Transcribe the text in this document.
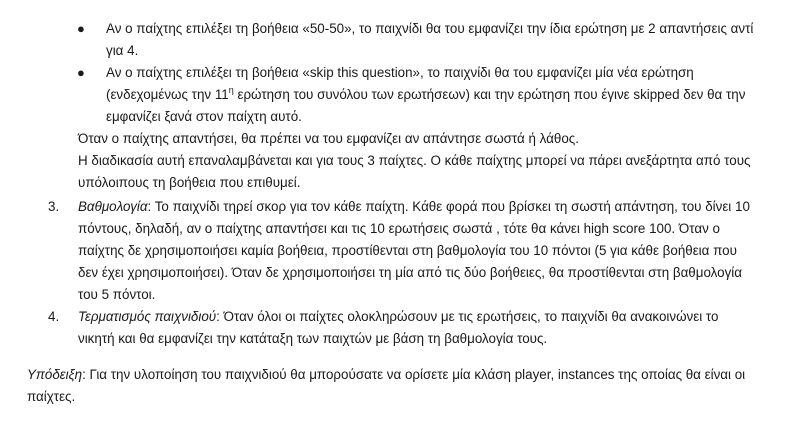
● Αν ο παίχτης επιλέξει τη βοήθεια «50-50», το παιχνίδι θα του εμφανίζει την ίδια ερώτηση με 2 απαντήσεις αντί για 4.
● Αν ο παίχτης επιλέξει τη βοήθεια «skip this question», το παιχνίδι θα του εμφανίζει μία νέα ερώτηση (ενδεχομένως την $11^\eta$ ερώτηση του συνόλου των ερωτήσεων) και την ερώτηση που έγινε skipped δεν θα την εμφανίζει ξανά στον παίχτη αυτό.
Όταν ο παίχτης απαντήσει, θα πρέπει να του εμφανίζει αν απάντησε σωστά ή λάθος.
Η διαδικασία αυτή επαναλαμβάνεται και για τους 3 παίχτες. Ο κάθε παίχτης μπορεί να πάρει ανεξάρτητα από τους υπόλοιπους τη βοήθεια που επιθυμεί.
3. Βαθμολογία: Το παιχνίδι τηρεί σκορ για τον κάθε παίχτη. Κάθε φορά που βρίσκει τη σωστή απάντηση, του δίνει 10 πόντους, δηλαδή, αν ο παίχτης απαντήσει και τις 10 ερωτήσεις σωστά , τότε θα κάνει high score 100. Όταν ο παίχτης δε χρησιμοποιήσει καμία βοήθεια, προστίθενται στη βαθμολογία του 10 πόντοι (5 για κάθε βοήθεια που δεν έχει χρησιμοποιήσει). Όταν δε χρησιμοποιήσει τη μία από τις δύο βοήθειες, θα προστίθενται στη βαθμολογία του 5 πόντοι.
4. Τερματισμός παιχνιδιού: Όταν όλοι οι παίχτες ολοκληρώσουν με τις ερωτήσεις, το παιχνίδι θα ανακοινώνει το νικητή και θα εμφανίζει την κατάταξη των παιχτών με βάση τη βαθμολογία τους.
Υπόδειξη: Για την υλοποίηση του παιχνιδιού θα μπορούσατε να ορίσετε μία κλάση player, instances της οποίας θα είναι οι παίχτες.
